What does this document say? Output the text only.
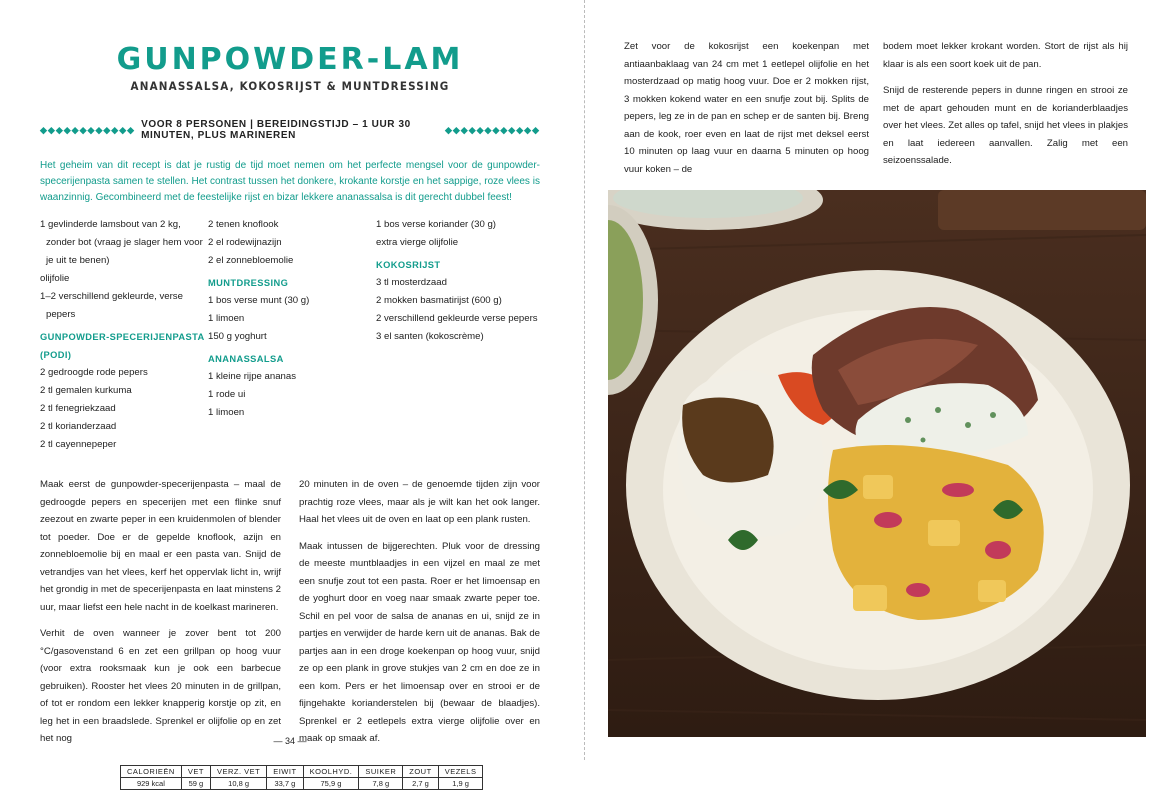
GUNPOWDER-LAM
ANANASSALSA, KOKOSRIJST & MUNTDRESSING
◆◆◆◆◆◆◆◆◆◆◆◆ VOOR 8 PERSONEN | BEREIDINGSTIJD – 1 UUR 30 MINUTEN, PLUS MARINEREN
◆◆◆◆◆◆◆◆◆◆◆◆
Het geheim van dit recept is dat je rustig de tijd moet nemen om het perfecte mengsel voor de gunpowder-specerijenpasta samen te stellen. Het contrast tussen het donkere, krokante korstje en het sappige, roze vlees is waanzinnig. Gecombineerd met de feestelijke rijst en bizar lekkere ananassalsa is dit gerecht dubbel feest!
1 gevlinderde lamsbout van 2 kg, zonder bot (vraag je slager hem voor je uit te benen)
olijfolie
1–2 verschillend gekleurde, verse pepers
GUNPOWDER-SPECERIJENPASTA (PODI)
2 gedroogde rode pepers
2 tl gemalen kurkuma
2 tl fenegriekzaad
2 tl korianderzaad
2 tl cayennepeper
2 tenen knoflook
2 el rodewijnazijn
2 el zonnebloemolie
MUNTDRESSING
1 bos verse munt (30 g)
1 limoen
150 g yoghurt
ANANASSALSA
1 kleine rijpe ananas
1 rode ui
1 limoen
1 bos verse koriander (30 g)
extra vierge olijfolie
KOKOSRIJST
3 tl mosterdzaad
2 mokken basmatirijst (600 g)
2 verschillend gekleurde verse pepers
3 el santen (kokoscrème)

Maak eerst de gunpowder-specerijenpasta – maal de gedroogde pepers en specerijen met een flinke snuf zeezout en zwarte peper in een kruidenmolen of blender tot poeder. Doe er de gepelde knoflook, azijn en zonnebloemolie bij en maal er een pasta van. Snijd de vetrandjes van het vlees, kerf het oppervlak licht in, wrijf het grondig in met de specerijenpasta en laat minstens 2 uur, maar liefst een hele nacht in de koelkast marineren.

Verhit de oven wanneer je zover bent tot 200 °C/gasovenstand 6 en zet een grillpan op hoog vuur (voor extra rooksmaak kun je ook een barbecue gebruiken). Rooster het vlees 20 minuten in de grillpan, of tot er rondom een lekker knapperig korstje op zit, en leg het in een braadslede. Sprenkel er olijfolie op en zet het nog

20 minuten in de oven – de genoemde tijden zijn voor prachtig roze vlees, maar als je wilt kan het ook langer. Haal het vlees uit de oven en laat op een plank rusten.

Maak intussen de bijgerechten. Pluk voor de dressing de meeste muntblaadjes in een vijzel en maal ze met een snufje zout tot een pasta. Roer er het limoensap en de yoghurt door en voeg naar smaak zwarte peper toe. Schil en pel voor de salsa de ananas en ui, snijd ze in partjes en verwijder de harde kern uit de ananas. Bak de partjes aan in een droge koekenpan op hoog vuur, snijd ze op een plank in grove stukjes van 2 cm en doe ze in een kom. Pers er het limoensap over en strooi er de fijngehakte korianderstelen bij (bewaar de blaadjes). Sprenkel er 2 eetlepels extra vierge olijfolie over en maak op smaak af.

CALORIEËN	VET	VERZ. VET	EIWIT	KOOLHYD.	SUIKER	ZOUT	VEZELS
929 kcal	59 g	10,8 g	33,7 g	75,9 g	7,8 g	2,7 g	1,9 g
— 34 —

Zet voor de kokosrijst een koekenpan met antiaanbaklaag van 24 cm met 1 eetlepel olijfolie en het mosterdzaad op matig hoog vuur. Doe er 2 mokken rijst, 3 mokken kokend water en een snufje zout bij. Splits de pepers, leg ze in de pan en schep er de santen bij. Breng aan de kook, roer even en laat de rijst met deksel eerst 10 minuten op laag vuur en daarna 5 minuten op hoog vuur koken – de

bodem moet lekker krokant worden. Stort de rijst als hij klaar is als een soort koek uit de pan.

Snijd de resterende pepers in dunne ringen en strooi ze met de apart gehouden munt en de korianderblaadjes over het vlees. Zet alles op tafel, snijd het vlees in plakjes en laat iedereen aanvallen. Zalig met een seizoenssalade.
